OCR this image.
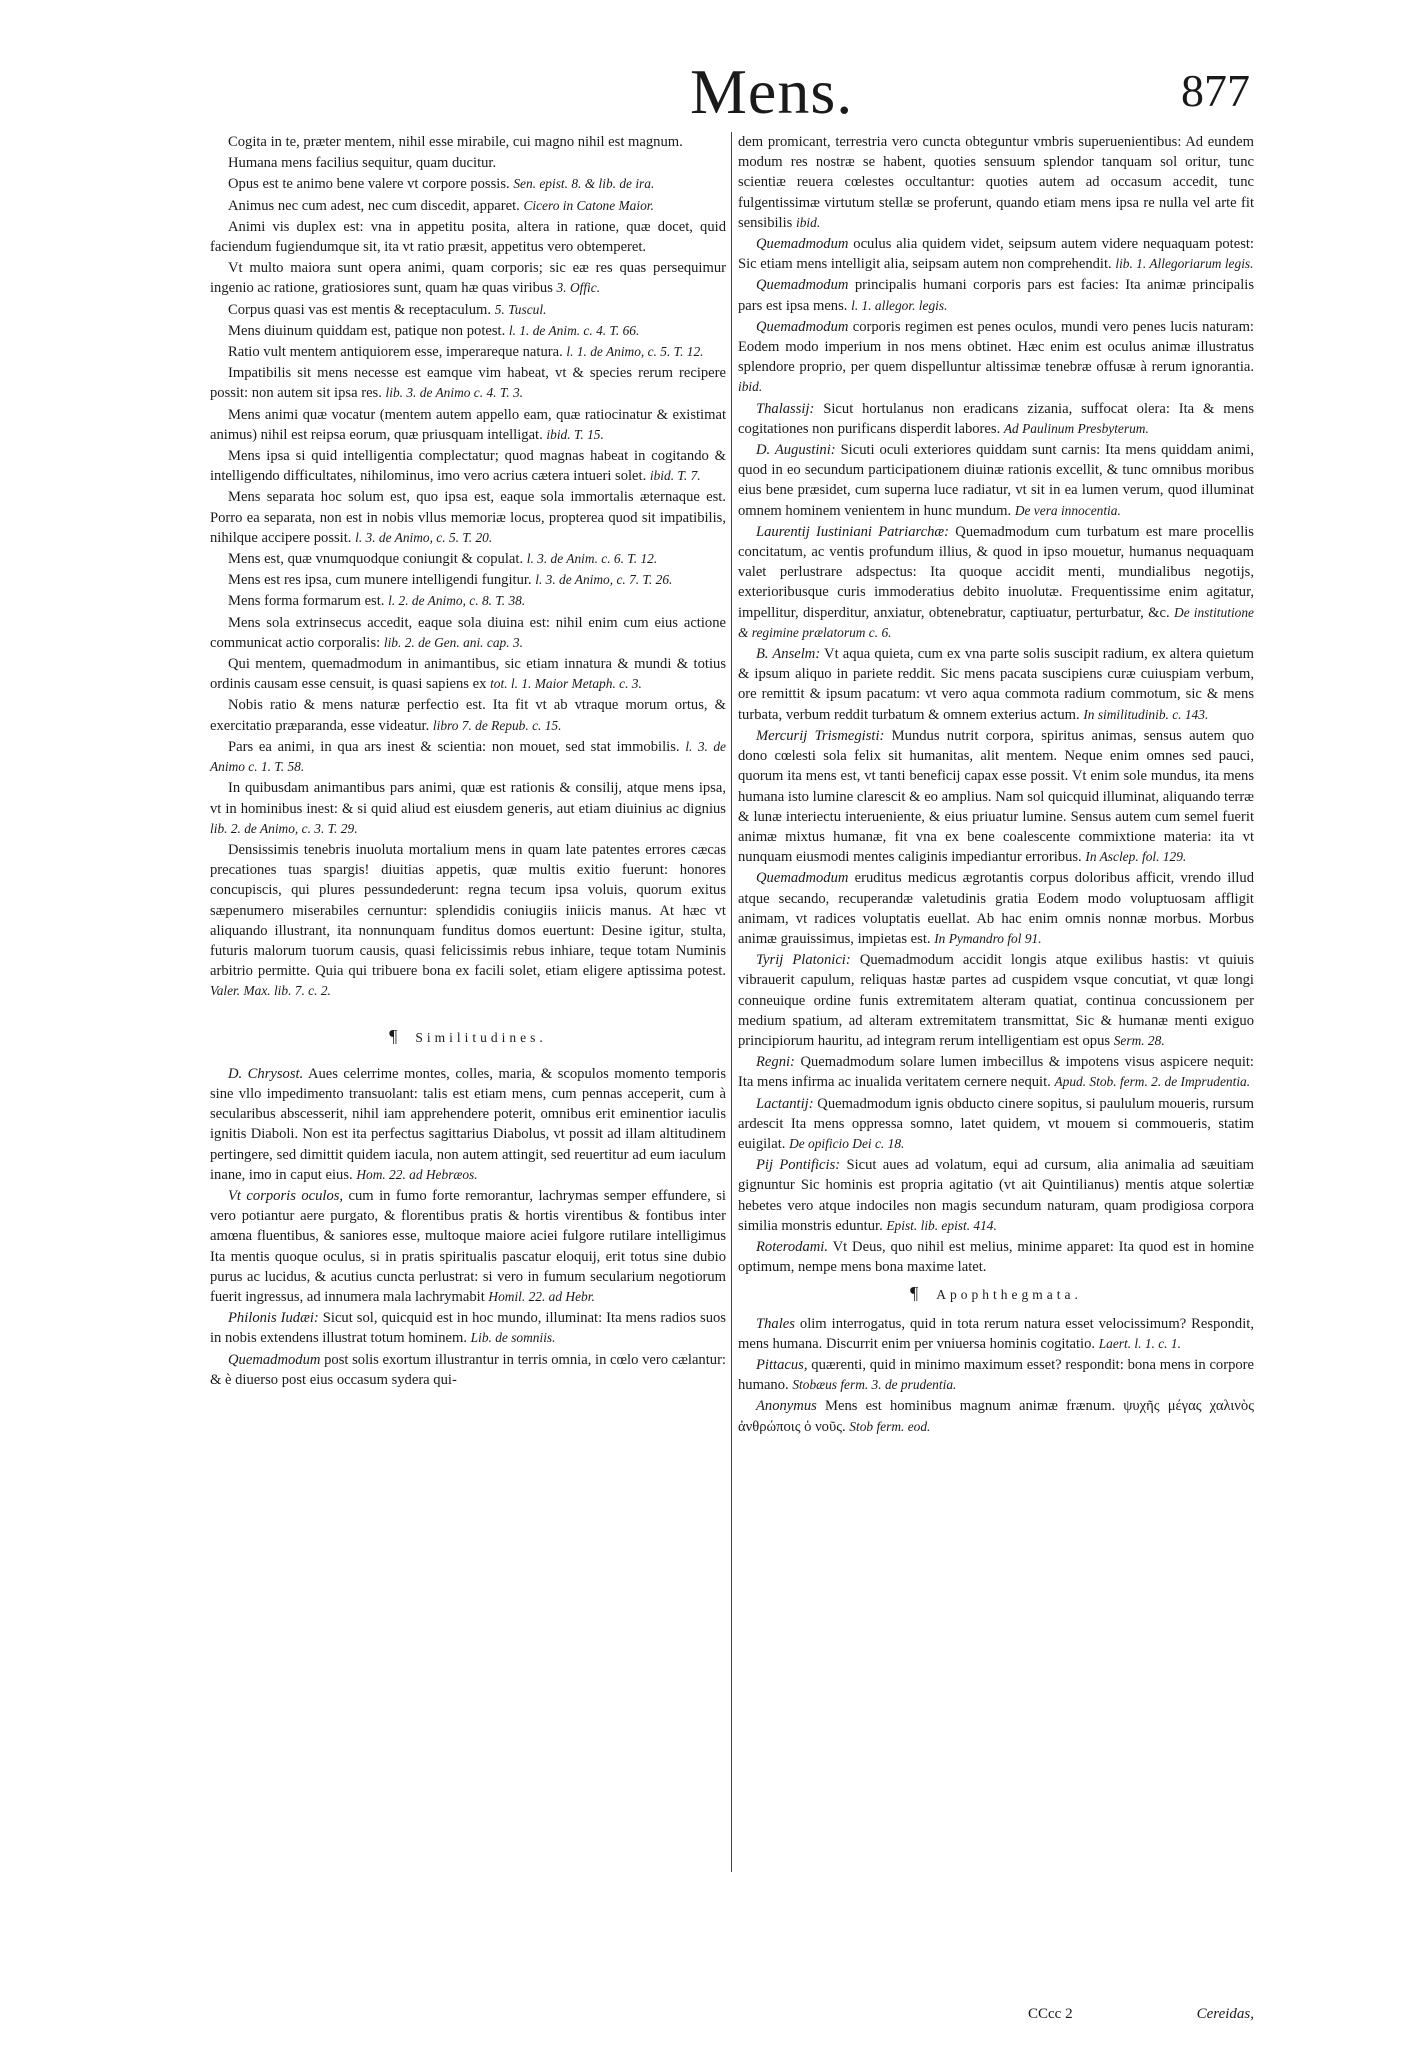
Mens.	877

Cogita in te, præter mentem, nihil esse mirabile, cui magno nihil est magnum.

Humana mens facilius sequitur, quam ducitur.

Opus est te animo bene valere vt corpore possis. Sen. epist. 8. & lib. de ira.

Animus nec cum adest, nec cum discedit, apparet. Cicero in Catone Maior.

Animi vis duplex est: vna in appetitu posita, altera in ratione, quæ docet, quid faciendum fugiendumque sit, ita vt ratio præsit, appetitus vero obtemperet.

Vt multo maiora sunt opera animi, quam corporis; sic eæ res quas persequimur ingenio ac ratione, gratiosiores sunt, quam hæ quas viribus 3. Offic.

Corpus quasi vas est mentis & receptaculum. 5. Tuscul.

Mens diuinum quiddam est, patique non potest. l. 1. de Anim. c. 4. T. 66.

Ratio vult mentem antiquiorem esse, imperareque natura. l. 1. de Animo, c. 5. T. 12.

Impatibilis sit mens necesse est eamque vim habeat, vt & species rerum recipere possit: non autem sit ipsa res. lib. 3. de Animo c. 4. T. 3.

Mens animi quæ vocatur (mentem autem appello eam, quæ ratiocinatur & existimat animus) nihil est reipsa eorum, quæ priusquam intelligat. ibid. T. 15.

Mens ipsa si quid intelligentia complectatur; quod magnas habeat in cogitando & intelligendo difficultates, nihilominus, imo vero acrius cætera intueri solet. ibid. T. 7.

Mens separata hoc solum est, quo ipsa est, eaque sola immortalis æternaque est. Porro ea separata, non est in nobis vllus memoriæ locus, propterea quod sit impatibilis, nihilque accipere possit. l. 3. de Animo, c. 5. T. 20.

Mens est, quæ vnumquodque coniungit & copulat. l. 3. de Anim. c. 6. T. 12.

Mens est res ipsa, cum munere intelligendi fungitur. l. 3. de Animo, c. 7. T. 26.

Mens forma formarum est. l. 2. de Animo, c. 8. T. 38.

Mens sola extrinsecus accedit, eaque sola diuina est: nihil enim cum eius actione communicat actio corporalis: lib. 2. de Gen. ani. cap. 3.

Qui mentem, quemadmodum in animantibus, sic etiam innatura & mundi & totius ordinis causam esse censuit, is quasi sapiens ex tot. l. 1. Maior Metaph. c. 3.

Nobis ratio & mens naturæ perfectio est. Ita fit vt ab vtraque morum ortus, & exercitatio præparanda, esse videatur. libro 7. de Repub. c. 15.

Pars ea animi, in qua ars inest & scientia: non mouet, sed stat immobilis. l. 3. de Animo c. 1. T. 58.

In quibusdam animantibus pars animi, quæ est rationis & consilij, atque mens ipsa, vt in hominibus inest: & si quid aliud est eiusdem generis, aut etiam diuinius ac dignius lib. 2. de Animo, c. 3. T. 29.

Densissimis tenebris inuoluta mortalium mens in quam late patentes errores cæcas precationes tuas spargis! diuitias appetis, quæ multis exitio fuerunt: honores concupiscis, qui plures pessundederunt: regna tecum ipsa voluis, quorum exitus sæpenumero miserabiles cernuntur: splendidis coniugiis iniicis manus. At hæc vt aliquando illustrant, ita nonnunquam funditus domos euertunt: Desine igitur, stulta, futuris malorum tuorum causis, quasi felicissimis rebus inhiare, teque totam Numinis arbitrio permitte. Quia qui tribuere bona ex facili solet, etiam eligere aptissima potest. Valer. Max. lib. 7. c. 2.

¶ Similitudines.

D. Chrysost. Aues celerrime montes, colles, maria, & scopulos momento temporis sine vllo impedimento transuolant: talis est etiam mens, cum pennas acceperit, cum à secularibus abscesserit, nihil iam apprehendere poterit, omnibus erit eminentior iaculis ignitis Diaboli. Non est ita perfectus sagittarius Diabolus, vt possit ad illam altitudinem pertingere, sed dimittit quidem iacula, non autem attingit, sed reuertitur ad eum iaculum inane, imo in caput eius. Hom. 22. ad Hebræos.

Vt corporis oculos, cum in fumo forte remorantur, lachrymas semper effundere, si vero potiantur aere purgato, & florentibus pratis & hortis virentibus & fontibus inter amœna fluentibus, & saniores esse, multoque maiore aciei fulgore rutilare intelligimus Ita mentis quoque oculus, si in pratis spiritualis pascatur eloquij, erit totus sine dubio purus ac lucidus, & acutius cuncta perlustrat: si vero in fumum secularium negotiorum fuerit ingressus, ad innumera mala lachrymabit Homil. 22. ad Hebr.

Philonis Iudæi: Sicut sol, quicquid est in hoc mundo, illuminat: Ita mens radios suos in nobis extendens illustrat totum hominem. Lib. de somniis.

Quemadmodum post solis exortum illustrantur in terris omnia, in cœlo vero cælantur: & è diuerso post eius occasum sydera qui-

dem promicant, terrestria vero cuncta obteguntur vmbris superuenientibus: Ad eundem modum res nostræ se habent, quoties sensuum splendor tanquam sol oritur, tunc scientiæ reuera cœlestes occultantur: quoties autem ad occasum accedit, tunc fulgentissimæ virtutum stellæ se proferunt, quando etiam mens ipsa re nulla vel arte fit sensibilis ibid.

Quemadmodum oculus alia quidem videt, seipsum autem videre nequaquam potest: Sic etiam mens intelligit alia, seipsam autem non comprehendit. lib. 1. Allegoriarum legis.

Quemadmodum principalis humani corporis pars est facies: Ita animæ principalis pars est ipsa mens. l. 1. allegor. legis.

Quemadmodum corporis regimen est penes oculos, mundi vero penes lucis naturam: Eodem modo imperium in nos mens obtinet. Hæc enim est oculus animæ illustratus splendore proprio, per quem dispelluntur altissimæ tenebræ offusæ à rerum ignorantia. ibid.

Thalassij: Sicut hortulanus non eradicans zizania, suffocat olera: Ita & mens cogitationes non purificans disperdit labores. Ad Paulinum Presbyterum.

D. Augustini: Sicuti oculi exteriores quiddam sunt carnis: Ita mens quiddam animi, quod in eo secundum participationem diuinæ rationis excellit, & tunc omnibus moribus eius bene præsidet, cum superna luce radiatur, vt sit in ea lumen verum, quod illuminat omnem hominem venientem in hunc mundum. De vera innocentia.

Laurentij Iustiniani Patriarchæ: Quemadmodum cum turbatum est mare procellis concitatum, ac ventis profundum illius, & quod in ipso mouetur, humanus nequaquam valet perlustrare adspectus: Ita quoque accidit menti, mundialibus negotijs, exterioribusque curis immoderatius debito inuolutæ. Frequentissime enim agitatur, impellitur, disperditur, anxiatur, obtenebratur, captiuatur, perturbatur, &c. De institutione & regimine prælatorum c. 6.

B. Anselm: Vt aqua quieta, cum ex vna parte solis suscipit radium, ex altera quietum & ipsum aliquo in pariete reddit. Sic mens pacata suscipiens curæ cuiuspiam verbum, ore remittit & ipsum pacatum: vt vero aqua commota radium commotum, sic & mens turbata, verbum reddit turbatum & omnem exterius actum. In similitudinib. c. 143.

Mercurij Trismegisti: Mundus nutrit corpora, spiritus animas, sensus autem quo dono cœlesti sola felix sit humanitas, alit mentem. Neque enim omnes sed pauci, quorum ita mens est, vt tanti beneficij capax esse possit. Vt enim sole mundus, ita mens humana isto lumine clarescit & eo amplius. Nam sol quicquid illuminat, aliquando terræ & lunæ interiectu interueniente, & eius priuatur lumine. Sensus autem cum semel fuerit animæ mixtus humanæ, fit vna ex bene coalescente commixtione materia: ita vt nunquam eiusmodi mentes caliginis impediantur erroribus. In Asclep. fol. 129.

Quemadmodum eruditus medicus ægrotantis corpus doloribus afficit, vrendo illud atque secando, recuperandæ valetudinis gratia Eodem modo voluptuosam affligit animam, vt radices voluptatis euellat. Ab hac enim omnis nonnæ morbus. Morbus animæ grauissimus, impietas est. In Pymandro fol 91.

Tyrij Platonici: Quemadmodum accidit longis atque exilibus hastis: vt quiuis vibrauerit capulum, reliquas hastæ partes ad cuspidem vsque concutiat, vt quæ longi conneuique ordine funis extremitatem alteram quatiat, continua concussionem per medium spatium, ad alteram extremitatem transmittat, Sic & humanæ menti exiguo principiorum hauritu, ad integram rerum intelligentiam est opus Serm. 28.

Regni: Quemadmodum solare lumen imbecillus & impotens visus aspicere nequit: Ita mens infirma ac inualida veritatem cernere nequit. Apud. Stob. ferm. 2. de Imprudentia.

Lactantij: Quemadmodum ignis obducto cinere sopitus, si paululum moueris, rursum ardescit Ita mens oppressa somno, latet quidem, vt mouem si commoueris, statim euigilat. De opificio Dei c. 18.

Pij Pontificis: Sicut aues ad volatum, equi ad cursum, alia animalia ad sæuitiam gignuntur Sic hominis est propria agitatio (vt ait Quintilianus) mentis atque solertiæ hebetes vero atque indociles non magis secundum naturam, quam prodigiosa corpora similia monstris eduntur. Epist. lib. epist. 414.

Roterodami. Vt Deus, quo nihil est melius, minime apparet: Ita quod est in homine optimum, nempe mens bona maxime latet.

¶ Apophthegmata.

Thales olim interrogatus, quid in tota rerum natura esset velocissimum? Respondit, mens humana. Discurrit enim per vniuersa hominis cogitatio. Laert. l. 1. c. 1.

Pittacus, quærenti, quid in minimo maximum esset? respondit: bona mens in corpore humano. Stobæus ferm. 3. de prudentia.

Anonymus Mens est hominibus magnum animæ frænum. ψυχῆς μέγας χαλινὸς ἀνθρώποις ὁ νοῦς. Stob ferm. eod.

CCcc 2	Cereidas,
